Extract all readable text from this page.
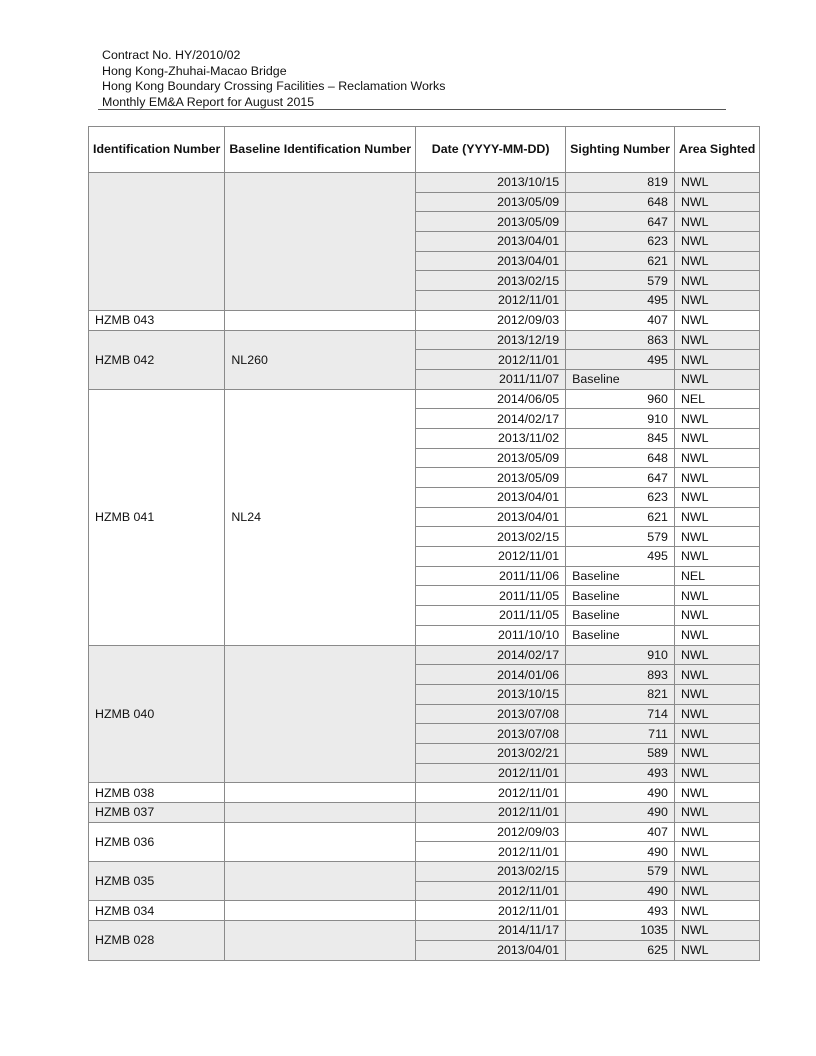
Contract No. HY/2010/02
Hong Kong-Zhuhai-Macao Bridge
Hong Kong Boundary Crossing Facilities – Reclamation Works
Monthly EM&A Report for August 2015
Identification Number	Baseline Identification Number	Date (YYYY-MM-DD)	Sighting Number	Area Sighted
		2013/10/15	819	NWL
		2013/05/09	648	NWL
		2013/05/09	647	NWL
		2013/04/01	623	NWL
		2013/04/01	621	NWL
		2013/02/15	579	NWL
		2012/11/01	495	NWL
HZMB 043		2012/09/03	407	NWL
HZMB 042	NL260	2013/12/19	863	NWL
		2012/11/01	495	NWL
		2011/11/07	Baseline	NWL
HZMB 041	NL24	2014/06/05	960	NEL
		2014/02/17	910	NWL
		2013/11/02	845	NWL
		2013/05/09	648	NWL
		2013/05/09	647	NWL
		2013/04/01	623	NWL
		2013/04/01	621	NWL
		2013/02/15	579	NWL
		2012/11/01	495	NWL
		2011/11/06	Baseline	NEL
		2011/11/05	Baseline	NWL
		2011/11/05	Baseline	NWL
		2011/10/10	Baseline	NWL
HZMB 040		2014/02/17	910	NWL
		2014/01/06	893	NWL
		2013/10/15	821	NWL
		2013/07/08	714	NWL
		2013/07/08	711	NWL
		2013/02/21	589	NWL
		2012/11/01	493	NWL
HZMB 038		2012/11/01	490	NWL
HZMB 037		2012/11/01	490	NWL
HZMB 036		2012/09/03	407	NWL
		2012/11/01	490	NWL
HZMB 035		2013/02/15	579	NWL
		2012/11/01	490	NWL
HZMB 034		2012/11/01	493	NWL
HZMB 028		2014/11/17	1035	NWL
		2013/04/01	625	NWL
